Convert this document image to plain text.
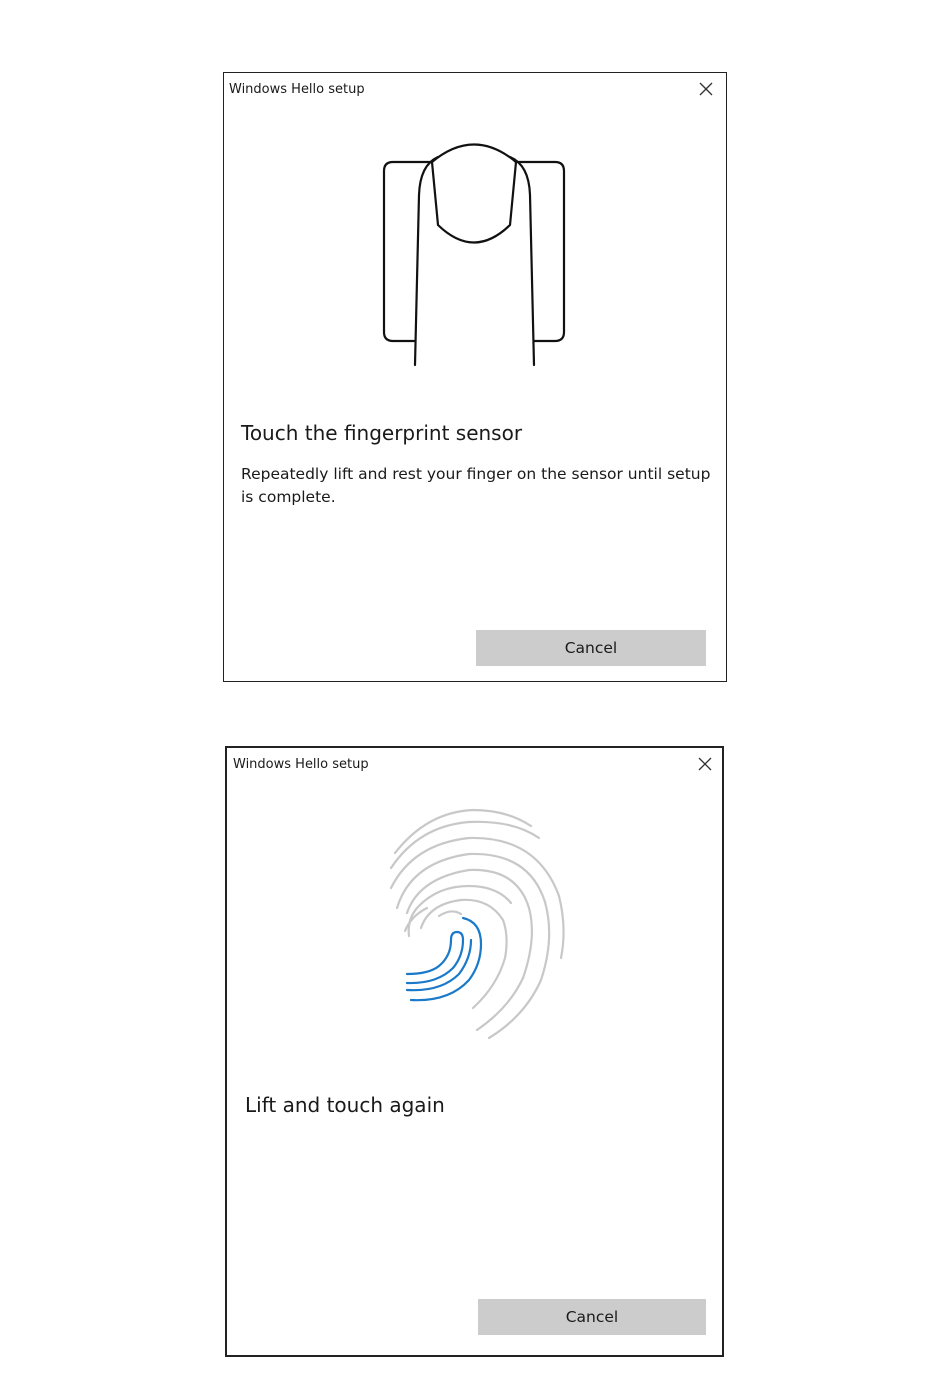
Windows Hello setup
Touch the fingerprint sensor
Repeatedly lift and rest your finger on the sensor until setup is complete.
Cancel
Windows Hello setup
Lift and touch again
Cancel
